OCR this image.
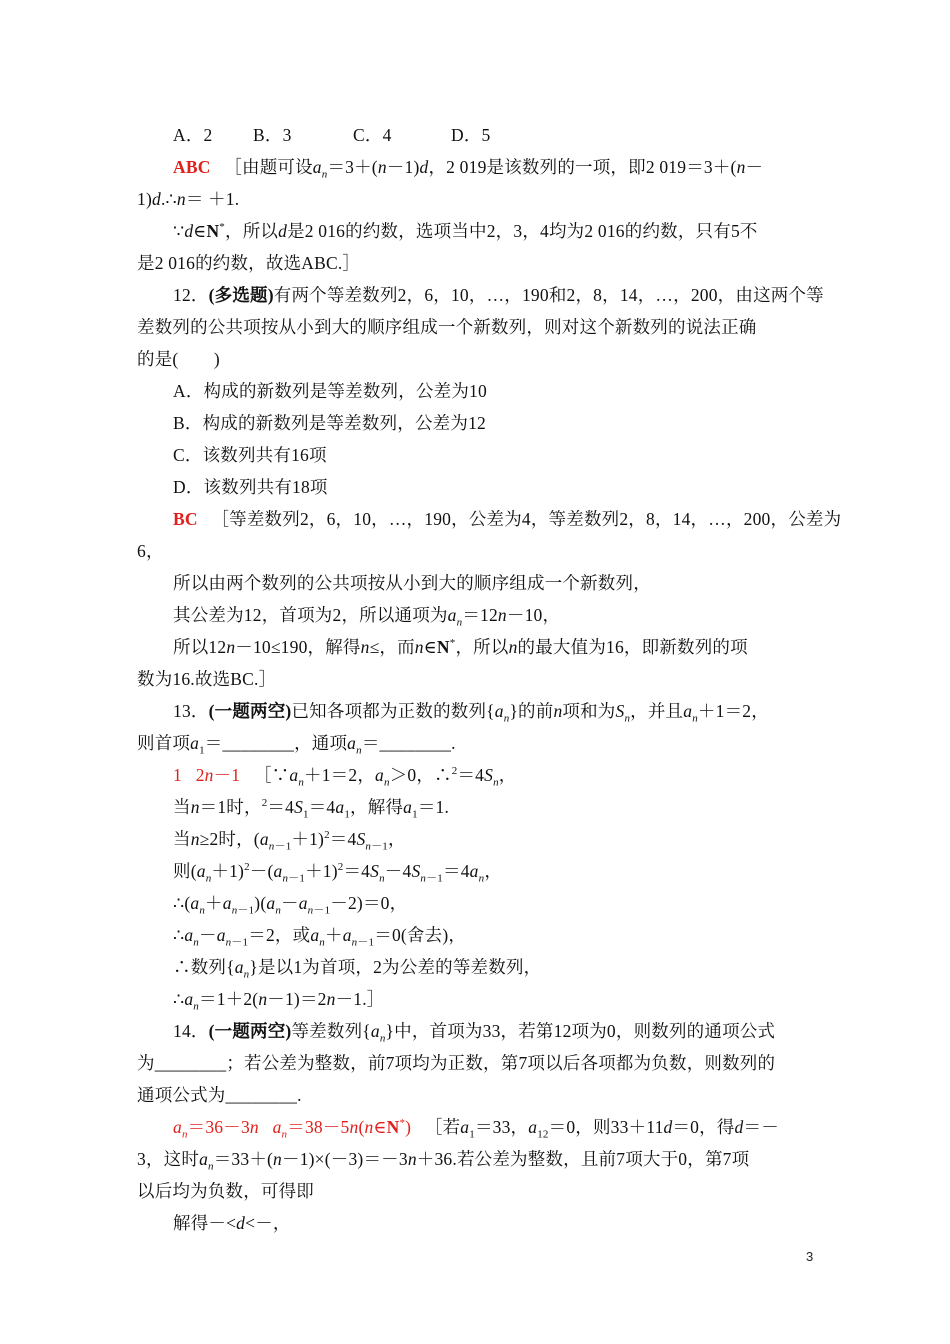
A．2 B．3	C．4	D．5
ABC ［由题可设$a_n=3+(n-1)d$，2 019是该数列的一项，即2 019＝3＋(n－
1)d.∴n＝ ＋1.
∵d∈N*，所以d是2 016的约数，选项当中2，3，4均为2 016的约数，只有5不
是2 016的约数，故选ABC.］
12．(多选题)有两个等差数列2，6，10，…，190和2，8，14，…，200，由这两个等
差数列的公共项按从小到大的顺序组成一个新数列，则对这个新数列的说法正确
的是(　　)
A．构成的新数列是等差数列，公差为10
B．构成的新数列是等差数列，公差为12
C．该数列共有16项
D．该数列共有18项
BC ［等差数列2，6，10，…，190，公差为4，等差数列2，8，14，…，200，公差为
6，
所以由两个数列的公共项按从小到大的顺序组成一个新数列，
其公差为12，首项为2，所以通项为$a_n=12n-10$，
所以12n－10≤190，解得n≤，而n∈N*，所以n的最大值为16，即新数列的项
数为16.故选BC.］
13．(一题两空)已知各项都为正数的数列$\{a_n\}$的前n项和为$S_n$，并且$a_n+1=2$，
则首项$a_1=\_\_\_\_\_\_\_\_$，通项$a_n=\_\_\_\_\_\_\_\_$.
1 2n－1   $[\because a_n+1=2$，$a_n>0$，$\therefore^2=4S_n$，
当n＝1时，$^2=4S_1=4a_1$，解得$a_1=1$.
当n≥2时，$(a_{n-1}+1)^2=4S_{n-1}$，
则$(a_n+1)^2-(a_{n-1}+1)^2=4S_n-4S_{n-1}=4a_n$，
$\therefore(a_n+a_{n-1})(a_n-a_{n-1}-2)=0$，
$\therefore a_n-a_{n-1}=2$，或$a_n+a_{n-1}=0$(舍去)，
∴数列$\{a_n\}$是以1为首项，2为公差的等差数列，
$\therefore a_n=1+2(n-1)=2n-1.]$
14．(一题两空)等差数列$\{a_n\}$中，首项为33，若第12项为0，则数列的通项公式
为________；若公差为整数，前7项均为正数，第7项以后各项都为负数，则数列的
通项公式为________.
$a_n=36-3n$ $a_n=38-5n(n\in N^*)$   ［若$a_1=33$，$a_{12}=0$，则33＋11d＝0，得d＝－
3，这时$a_n=33+(n-1)\times(-3)=-3n+36$.若公差为整数，且前7项大于0，第7项
以后均为负数，可得即
解得－<d<－，
3
